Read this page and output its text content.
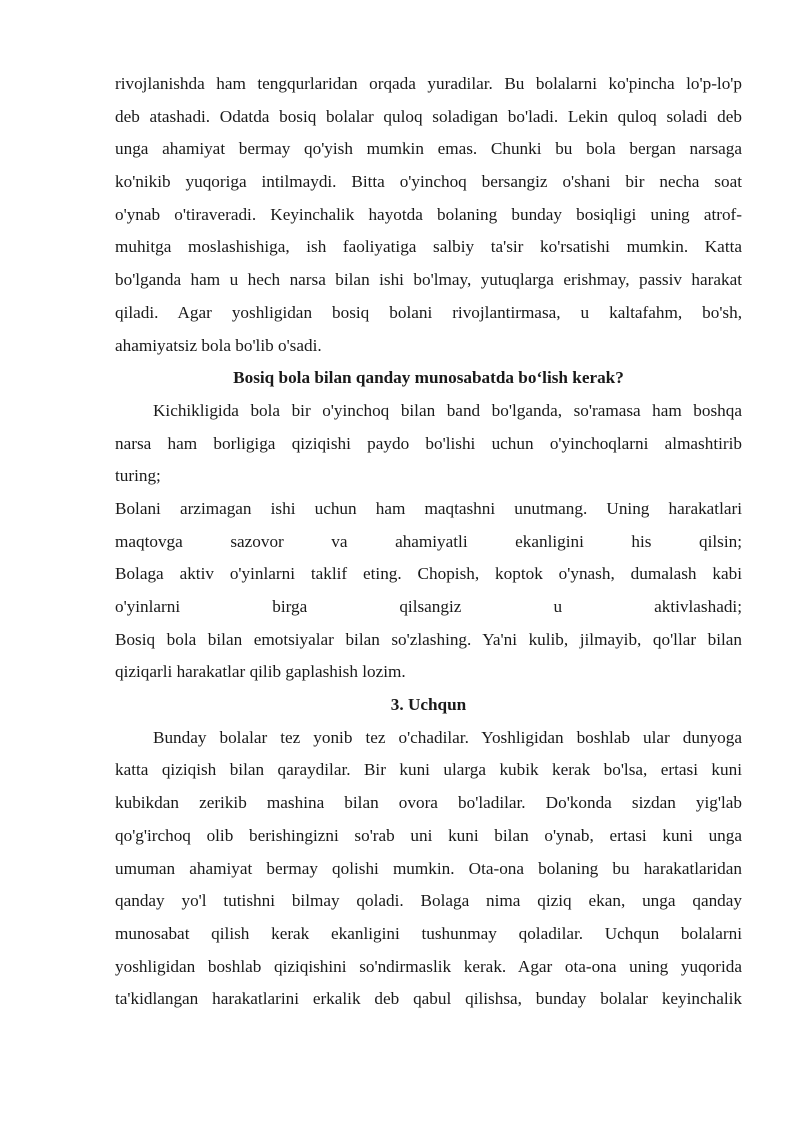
rivojlanishda ham tengqurlaridan orqada yuradilar. Bu bolalarni ko'pincha lo'p-lo'p
deb atashadi. Odatda bosiq bolalar quloq soladigan bo'ladi. Lekin quloq soladi deb
unga ahamiyat bermay qo'yish mumkin emas. Chunki bu bola bergan narsaga
ko'nikib yuqoriga intilmaydi. Bitta o'yinchoq bersangiz o'shani bir necha soat
o'ynab o'tiraveradi. Keyinchalik hayotda bolaning bunday bosiqligi uning atrof-
muhitga moslashishiga, ish faoliyatiga salbiy ta'sir ko'rsatishi mumkin. Katta
bo'lganda ham u hech narsa bilan ishi bo'lmay, yutuqlarga erishmay, passiv harakat
qiladi. Agar yoshligidan bosiq bolani rivojlantirmasa, u kaltafahm, bo'sh,
ahamiyatsiz bola bo'lib o'sadi.
Bosiq bola bilan qanday munosabatda boʻlish kerak?
Kichikligida bola bir o'yinchoq bilan band bo'lganda, so'ramasa ham boshqa
narsa ham borligiga qiziqishi paydo bo'lishi uchun o'yinchoqlarni almashtirib
turing;
Bolani arzimagan ishi uchun ham maqtashni unutmang. Uning harakatlari
maqtovga sazovor va ahamiyatli ekanligini his qilsin;
Bolaga aktiv o'yinlarni taklif eting. Chopish, koptok o'ynash, dumalash kabi
o'yinlarni birga qilsangiz u aktivlashadi;
Bosiq bola bilan emotsiyalar bilan so'zlashing. Ya'ni kulib, jilmayib, qo'llar bilan
qiziqarli harakatlar qilib gaplashish lozim.
3. Uchqun
Bunday bolalar tez yonib tez o'chadilar. Yoshligidan boshlab ular dunyoga
katta qiziqish bilan qaraydilar. Bir kuni ularga kubik kerak bo'lsa, ertasi kuni
kubikdan zerikib mashina bilan ovora bo'ladilar. Do'konda sizdan yig'lab
qo'g'irchoq olib berishingizni so'rab uni kuni bilan o'ynab, ertasi kuni unga
umuman ahamiyat bermay qolishi mumkin. Ota-ona bolaning bu harakatlaridan
qanday yo'l tutishni bilmay qoladi. Bolaga nima qiziq ekan, unga qanday
munosabat qilish kerak ekanligini tushunmay qoladilar. Uchqun bolalarni
yoshligidan boshlab qiziqishini so'ndirmaslik kerak. Agar ota-ona uning yuqorida
ta'kidlangan harakatlarini erkalik deb qabul qilishsa, bunday bolalar keyinchalik
